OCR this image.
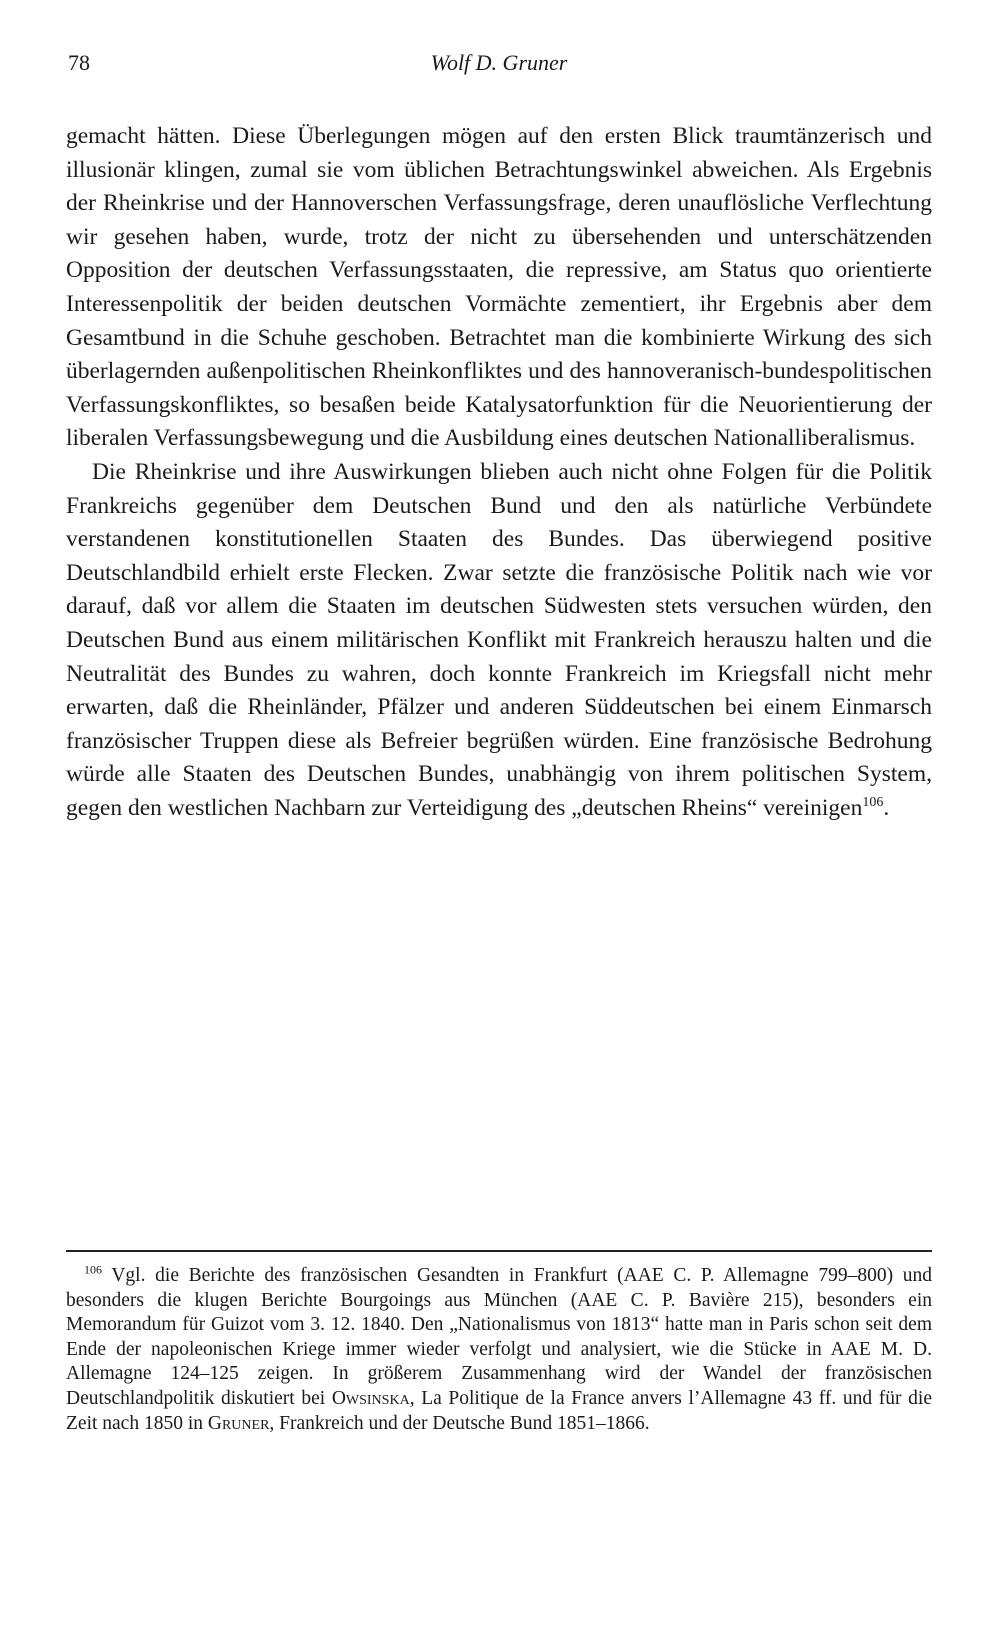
78	Wolf D. Gruner

gemacht hätten. Diese Überlegungen mögen auf den ersten Blick traumtänzerisch und illusionär klingen, zumal sie vom üblichen Betrachtungswinkel abweichen. Als Ergebnis der Rheinkrise und der Hannoverschen Verfassungsfrage, deren unauflösliche Verflechtung wir gesehen haben, wurde, trotz der nicht zu übersehenden und unterschätzenden Opposition der deutschen Verfassungsstaaten, die repressive, am Status quo orientierte Interessenpolitik der beiden deutschen Vormächte zementiert, ihr Ergebnis aber dem Gesamtbund in die Schuhe geschoben. Betrachtet man die kombinierte Wirkung des sich überlagernden außenpolitischen Rheinkonfliktes und des hannoveranisch-bundespolitischen Verfassungskonfliktes, so besaßen beide Katalysatorfunktion für die Neuorientierung der liberalen Verfassungsbewegung und die Ausbildung eines deutschen Nationalliberalismus.

Die Rheinkrise und ihre Auswirkungen blieben auch nicht ohne Folgen für die Politik Frankreichs gegenüber dem Deutschen Bund und den als natürliche Verbündete verstandenen konstitutionellen Staaten des Bundes. Das überwiegend positive Deutschlandbild erhielt erste Flecken. Zwar setzte die französische Politik nach wie vor darauf, daß vor allem die Staaten im deutschen Südwesten stets versuchen würden, den Deutschen Bund aus einem militärischen Konflikt mit Frankreich herauszu halten und die Neutralität des Bundes zu wahren, doch konnte Frankreich im Kriegsfall nicht mehr erwarten, daß die Rheinländer, Pfälzer und anderen Süddeutschen bei einem Einmarsch französischer Truppen diese als Befreier begrüßen würden. Eine französische Bedrohung würde alle Staaten des Deutschen Bundes, unabhängig von ihrem politischen System, gegen den westlichen Nachbarn zur Verteidigung des „deutschen Rheins“ vereinigen$^{106}$.

$^{106}$ Vgl. die Berichte des französischen Gesandten in Frankfurt (AAE C. P. Allemagne 799–800) und besonders die klugen Berichte Bourgoings aus München (AAE C. P. Bavière 215), besonders ein Memorandum für Guizot vom 3. 12. 1840. Den „Nationalismus von 1813“ hatte man in Paris schon seit dem Ende der napoleonischen Kriege immer wieder verfolgt und analysiert, wie die Stücke in AAE M. D. Allemagne 124–125 zeigen. In größerem Zusammenhang wird der Wandel der französischen Deutschlandpolitik diskutiert bei Owsinska, La Politique de la France anvers l’Allemagne 43 ff. und für die Zeit nach 1850 in Gruner, Frankreich und der Deutsche Bund 1851–1866.
